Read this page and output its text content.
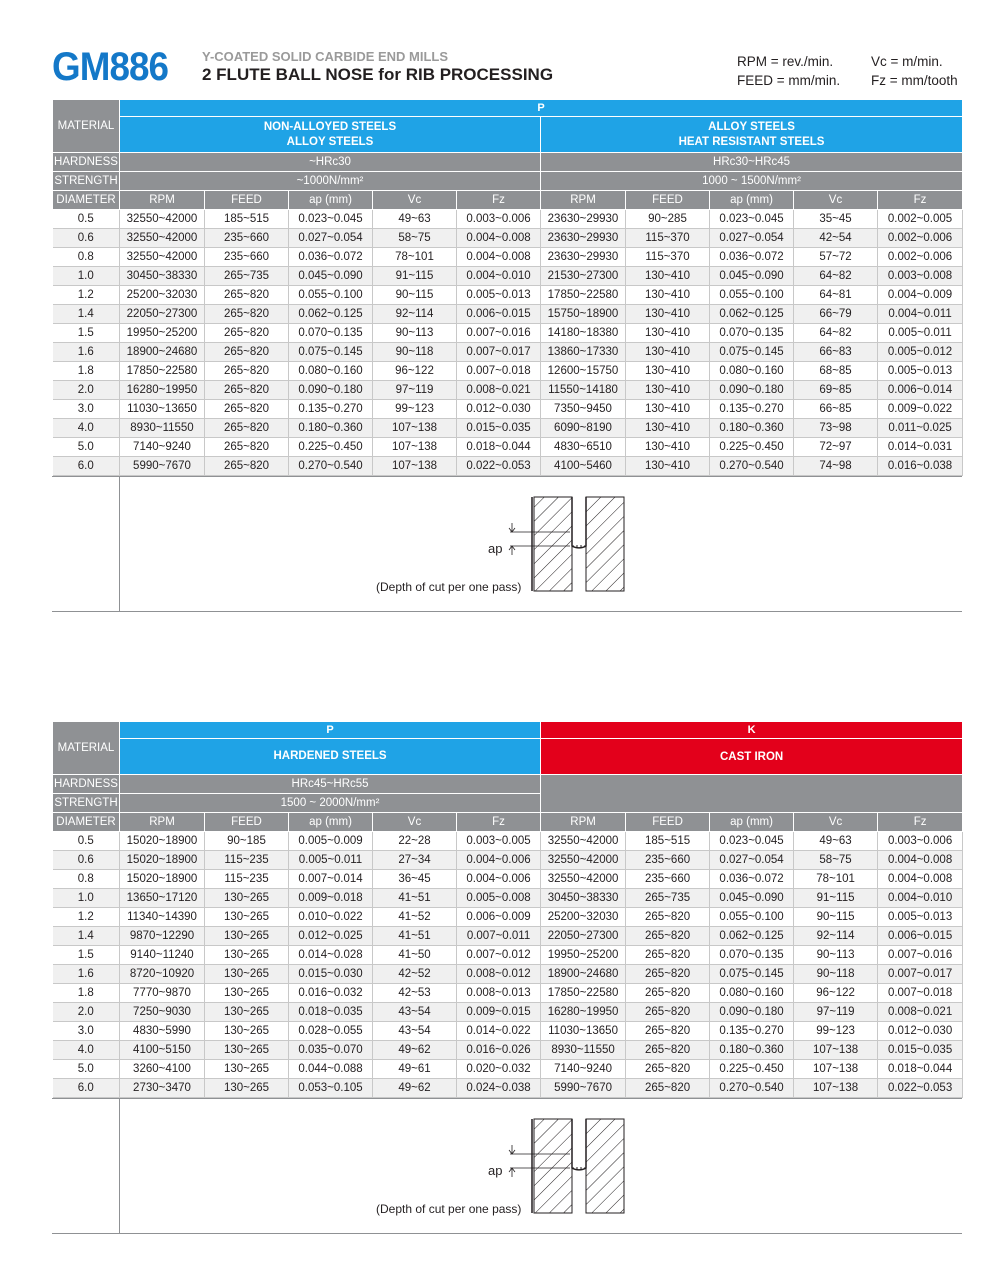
GM886	Y-COATED SOLID CARBIDE END MILLS
2 FLUTE BALL NOSE for RIB PROCESSING
RPM = rev./min.	Vc = m/min.
FEED = mm/min. Fz = mm/tooth
MATERIAL	P									
	NON-ALLOYED STEELS
ALLOY STEELS					ALLOY STEELS
HEAT RESISTANT STEELS				

HARDNESS	~HRc30					HRc30~HRc45				
STRENGTH	~1000N/mm²					1000 ~ 1500N/mm²				
DIAMETER	RPM	FEED	ap (mm)	Vc	Fz	RPM	FEED	ap (mm)	Vc	Fz
0.5	32550~42000	185~515	0.023~0.045	49~63	0.003~0.006	23630~29930	90~285	0.023~0.045	35~45	0.002~0.005
0.6	32550~42000	235~660	0.027~0.054	58~75	0.004~0.008	23630~29930	115~370	0.027~0.054	42~54	0.002~0.006
0.8	32550~42000	235~660	0.036~0.072	78~101	0.004~0.008	23630~29930	115~370	0.036~0.072	57~72	0.002~0.006
1.0	30450~38330	265~735	0.045~0.090	91~115	0.004~0.010	21530~27300	130~410	0.045~0.090	64~82	0.003~0.008
1.2	25200~32030	265~820	0.055~0.100	90~115	0.005~0.013	17850~22580	130~410	0.055~0.100	64~81	0.004~0.009
1.4	22050~27300	265~820	0.062~0.125	92~114	0.006~0.015	15750~18900	130~410	0.062~0.125	66~79	0.004~0.011
1.5	19950~25200	265~820	0.070~0.135	90~113	0.007~0.016	14180~18380	130~410	0.070~0.135	64~82	0.005~0.011
1.6	18900~24680	265~820	0.075~0.145	90~118	0.007~0.017	13860~17330	130~410	0.075~0.145	66~83	0.005~0.012
1.8	17850~22580	265~820	0.080~0.160	96~122	0.007~0.018	12600~15750	130~410	0.080~0.160	68~85	0.005~0.013
2.0	16280~19950	265~820	0.090~0.180	97~119	0.008~0.021	11550~14180	130~410	0.090~0.180	69~85	0.006~0.014
3.0	11030~13650	265~820	0.135~0.270	99~123	0.012~0.030	7350~9450	130~410	0.135~0.270	66~85	0.009~0.022
4.0	8930~11550	265~820	0.180~0.360	107~138	0.015~0.035	6090~8190	130~410	0.180~0.360	73~98	0.011~0.025
5.0	7140~9240	265~820	0.225~0.450	107~138	0.018~0.044	4830~6510	130~410	0.225~0.450	72~97	0.014~0.031
6.0	5990~7670	265~820	0.270~0.540	107~138	0.022~0.053	4100~5460	130~410	0.270~0.540	74~98	0.016~0.038
ap
(Depth of cut per one pass)
MATERIAL	P					K				
	HARDENED STEELS					CAST IRON				

HARDNESS	HRc45~HRc55									
STRENGTH	1500 ~ 2000N/mm²									
DIAMETER	RPM	FEED	ap (mm)	Vc	Fz	RPM	FEED	ap (mm)	Vc	Fz
0.5	15020~18900	90~185	0.005~0.009	22~28	0.003~0.005	32550~42000	185~515	0.023~0.045	49~63	0.003~0.006
0.6	15020~18900	115~235	0.005~0.011	27~34	0.004~0.006	32550~42000	235~660	0.027~0.054	58~75	0.004~0.008
0.8	15020~18900	115~235	0.007~0.014	36~45	0.004~0.006	32550~42000	235~660	0.036~0.072	78~101	0.004~0.008
1.0	13650~17120	130~265	0.009~0.018	41~51	0.005~0.008	30450~38330	265~735	0.045~0.090	91~115	0.004~0.010
1.2	11340~14390	130~265	0.010~0.022	41~52	0.006~0.009	25200~32030	265~820	0.055~0.100	90~115	0.005~0.013
1.4	9870~12290	130~265	0.012~0.025	41~51	0.007~0.011	22050~27300	265~820	0.062~0.125	92~114	0.006~0.015
1.5	9140~11240	130~265	0.014~0.028	41~50	0.007~0.012	19950~25200	265~820	0.070~0.135	90~113	0.007~0.016
1.6	8720~10920	130~265	0.015~0.030	42~52	0.008~0.012	18900~24680	265~820	0.075~0.145	90~118	0.007~0.017
1.8	7770~9870	130~265	0.016~0.032	42~53	0.008~0.013	17850~22580	265~820	0.080~0.160	96~122	0.007~0.018
2.0	7250~9030	130~265	0.018~0.035	43~54	0.009~0.015	16280~19950	265~820	0.090~0.180	97~119	0.008~0.021
3.0	4830~5990	130~265	0.028~0.055	43~54	0.014~0.022	11030~13650	265~820	0.135~0.270	99~123	0.012~0.030
4.0	4100~5150	130~265	0.035~0.070	49~62	0.016~0.026	8930~11550	265~820	0.180~0.360	107~138	0.015~0.035
5.0	3260~4100	130~265	0.044~0.088	49~61	0.020~0.032	7140~9240	265~820	0.225~0.450	107~138	0.018~0.044
6.0	2730~3470	130~265	0.053~0.105	49~62	0.024~0.038	5990~7670	265~820	0.270~0.540	107~138	0.022~0.053
ap
(Depth of cut per one pass)
